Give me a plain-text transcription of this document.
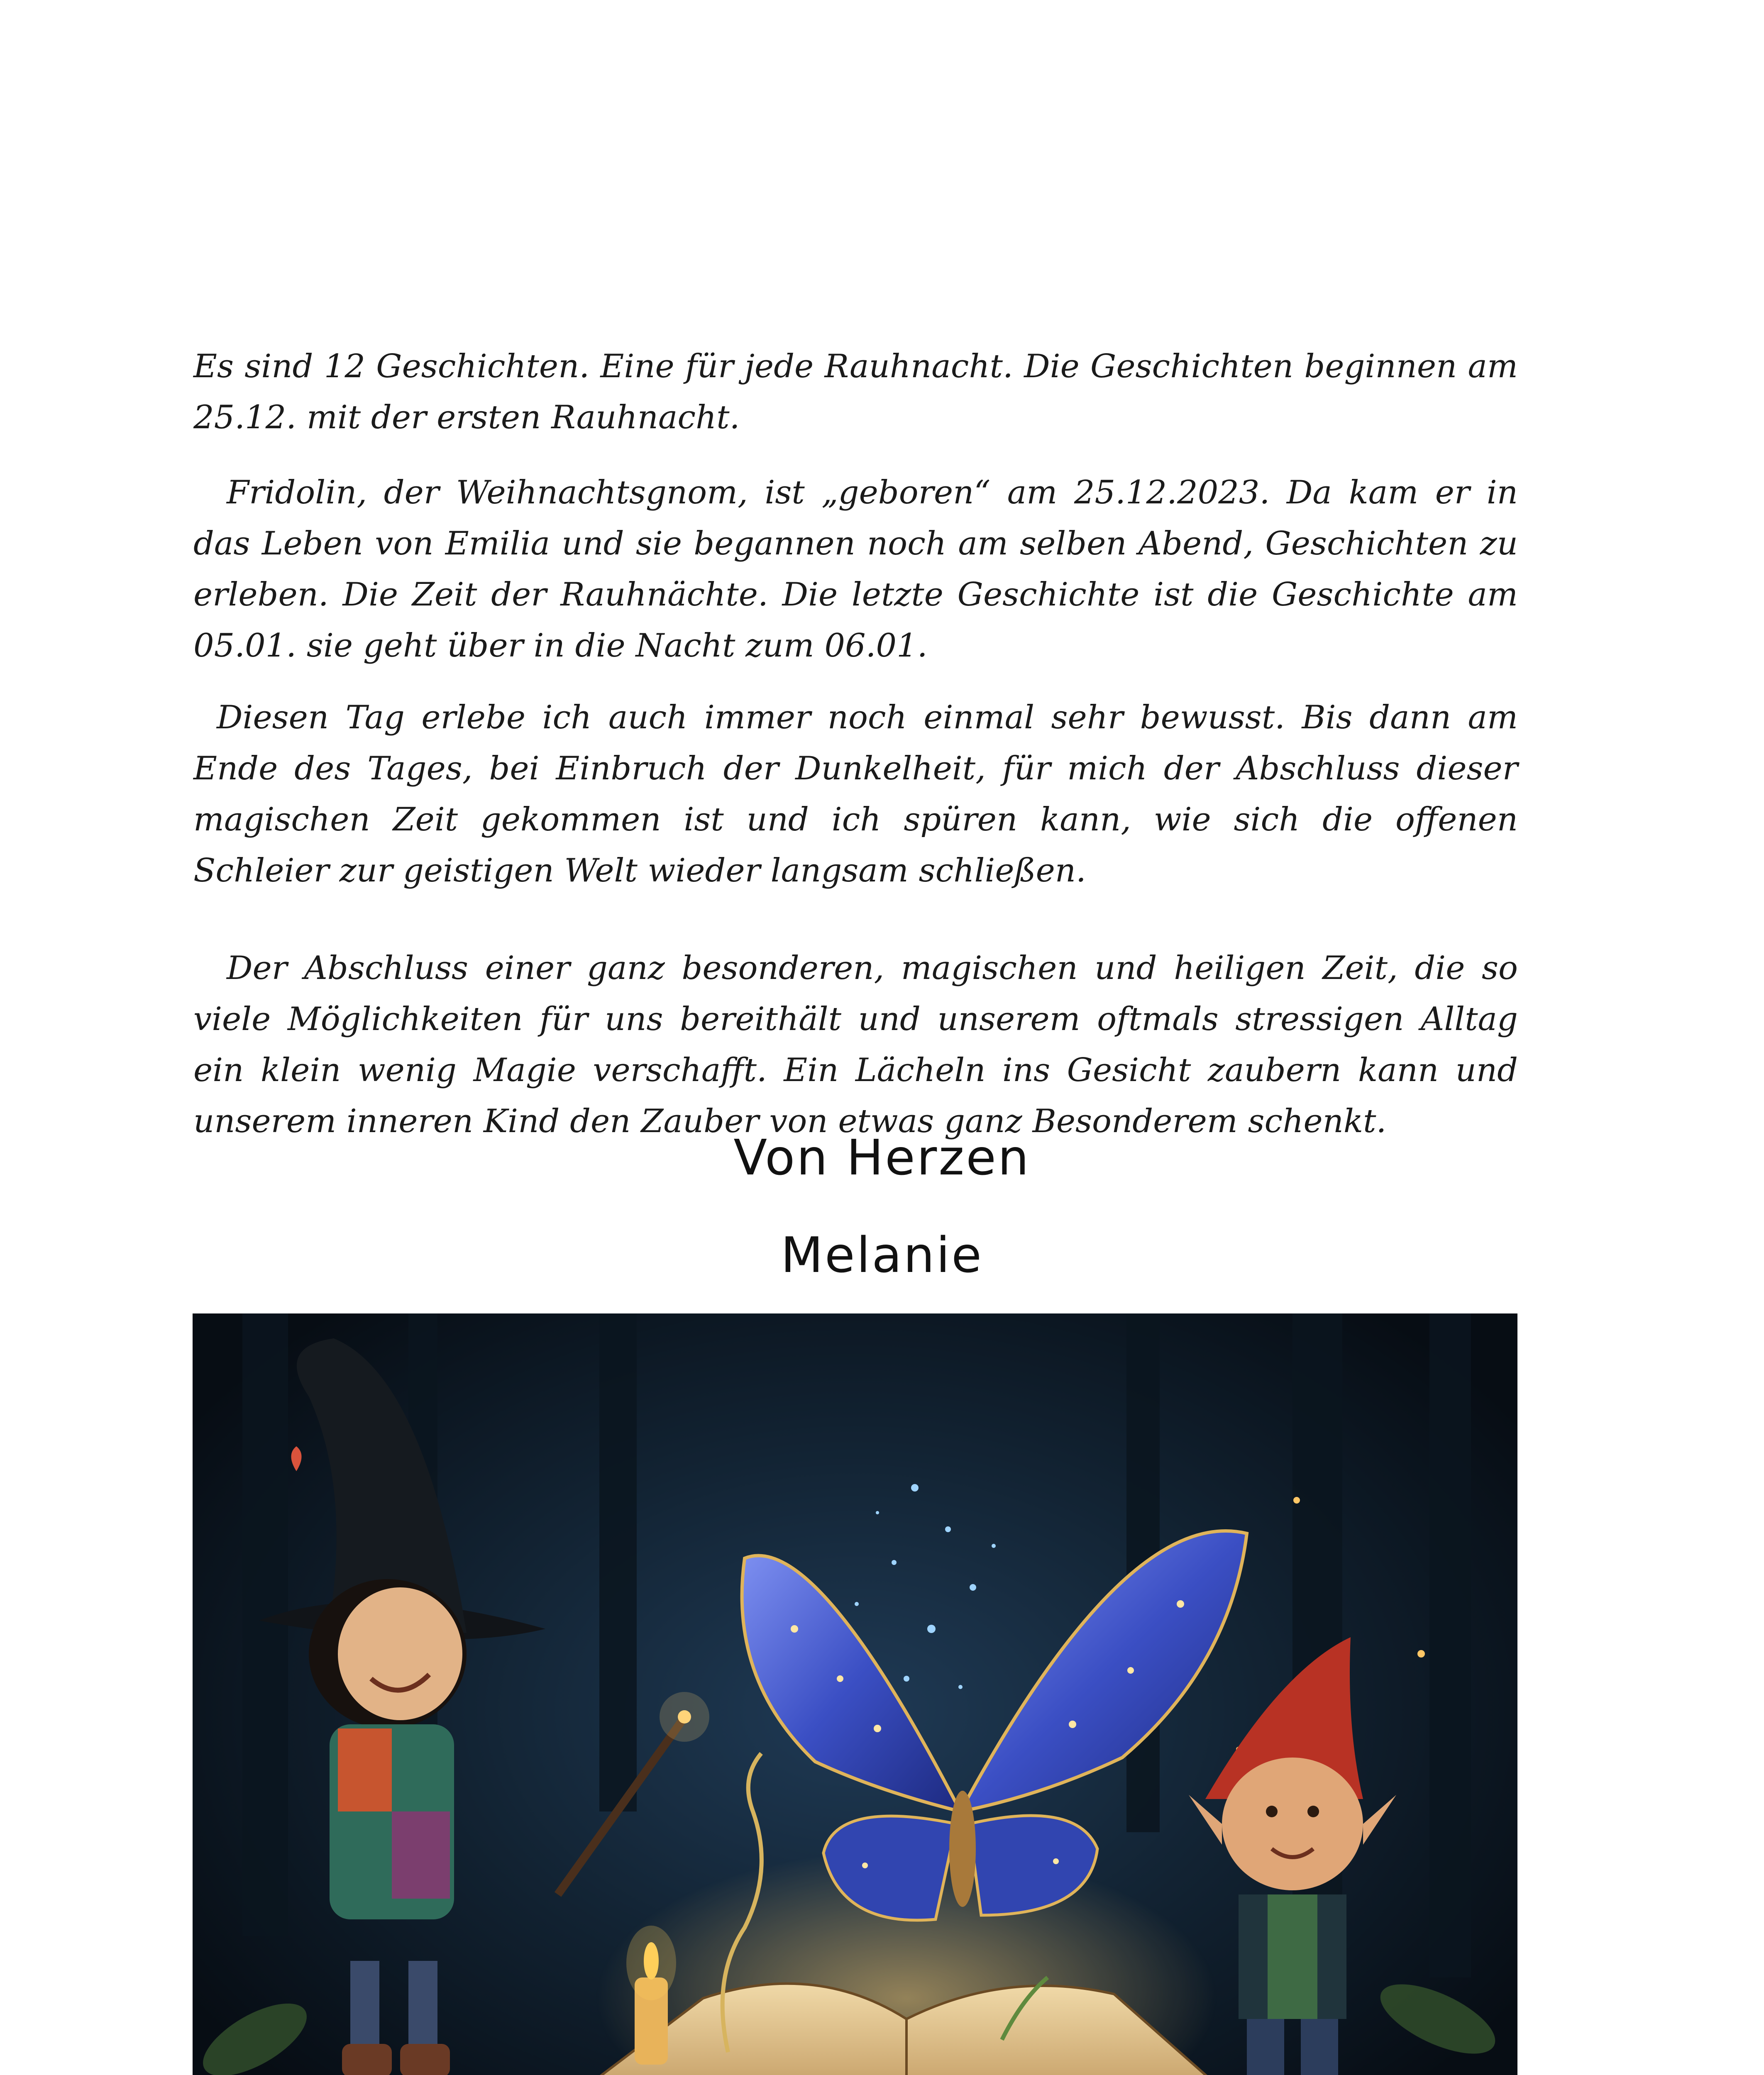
Es sind 12 Geschichten. Eine für jede Rauhnacht. Die Geschichten beginnen am 25.12. mit der ersten Rauhnacht.

Fridolin, der Weihnachtsgnom, ist „geboren“ am 25.12.2023. Da kam er in das Leben von Emilia und sie begannen noch am selben Abend, Geschichten zu erleben. Die Zeit der Rauhnächte. Die letzte Geschichte ist die Geschichte am 05.01. sie geht über in die Nacht zum 06.01.

Diesen Tag erlebe ich auch immer noch einmal sehr bewusst. Bis dann am Ende des Tages, bei Einbruch der Dunkelheit, für mich der Abschluss dieser magischen Zeit gekommen ist und ich spüren kann, wie sich die offenen Schleier zur geistigen Welt wieder langsam schließen.

Der Abschluss einer ganz besonderen, magischen und heiligen Zeit, die so viele Möglichkeiten für uns bereithält und unserem oftmals stressigen Alltag ein klein wenig Magie verschafft. Ein Lächeln ins Gesicht zaubern kann und unserem inneren Kind den Zauber von etwas ganz Besonderem schenkt.

Von Herzen
Melanie
